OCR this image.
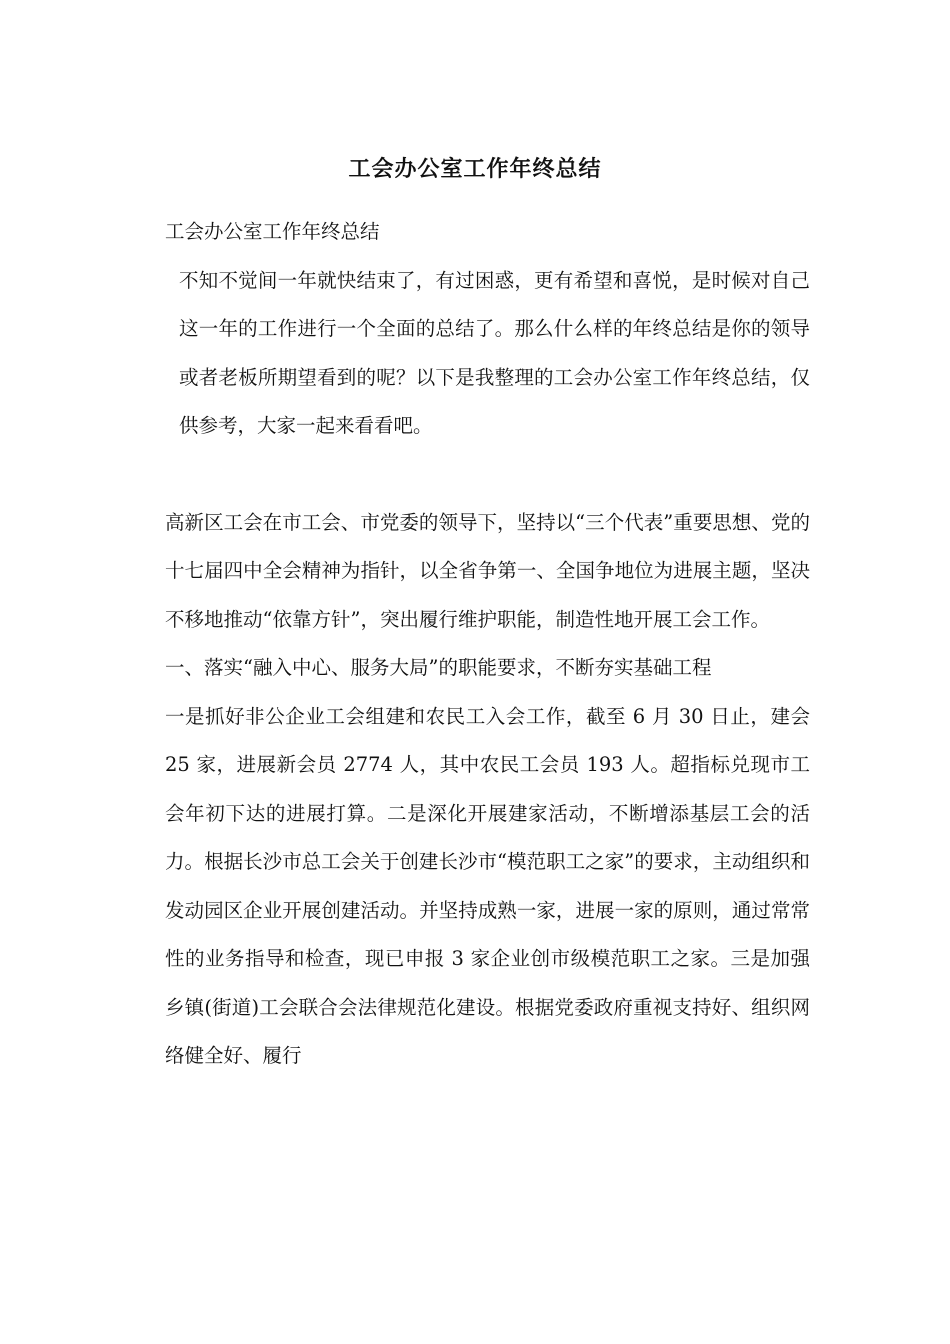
工会办公室工作年终总结

工会办公室工作年终总结

不知不觉间一年就快结束了，有过困惑，更有希望和喜悦，是时候对自己这一年的工作进行一个全面的总结了。那么什么样的年终总结是你的领导或者老板所期望看到的呢？以下是我整理的工会办公室工作年终总结，仅供参考，大家一起来看看吧。

高新区工会在市工会、市党委的领导下，坚持以“三个代表”重要思想、党的十七届四中全会精神为指针，以全省争第一、全国争地位为进展主题，坚决不移地推动“依靠方针”，突出履行维护职能，制造性地开展工会工作。

一、落实“融入中心、服务大局”的职能要求，不断夯实基础工程

一是抓好非公企业工会组建和农民工入会工作，截至 6 月 30 日止，建会 25 家，进展新会员 2774 人，其中农民工会员 193 人。超指标兑现市工会年初下达的进展打算。二是深化开展建家活动，不断增添基层工会的活力。根据长沙市总工会关于创建长沙市“模范职工之家”的要求，主动组织和发动园区企业开展创建活动。并坚持成熟一家，进展一家的原则，通过常常性的业务指导和检查，现已申报 3 家企业创市级模范职工之家。三是加强乡镇(街道)工会联合会法律规范化建设。根据党委政府重视支持好、组织网络健全好、履行
